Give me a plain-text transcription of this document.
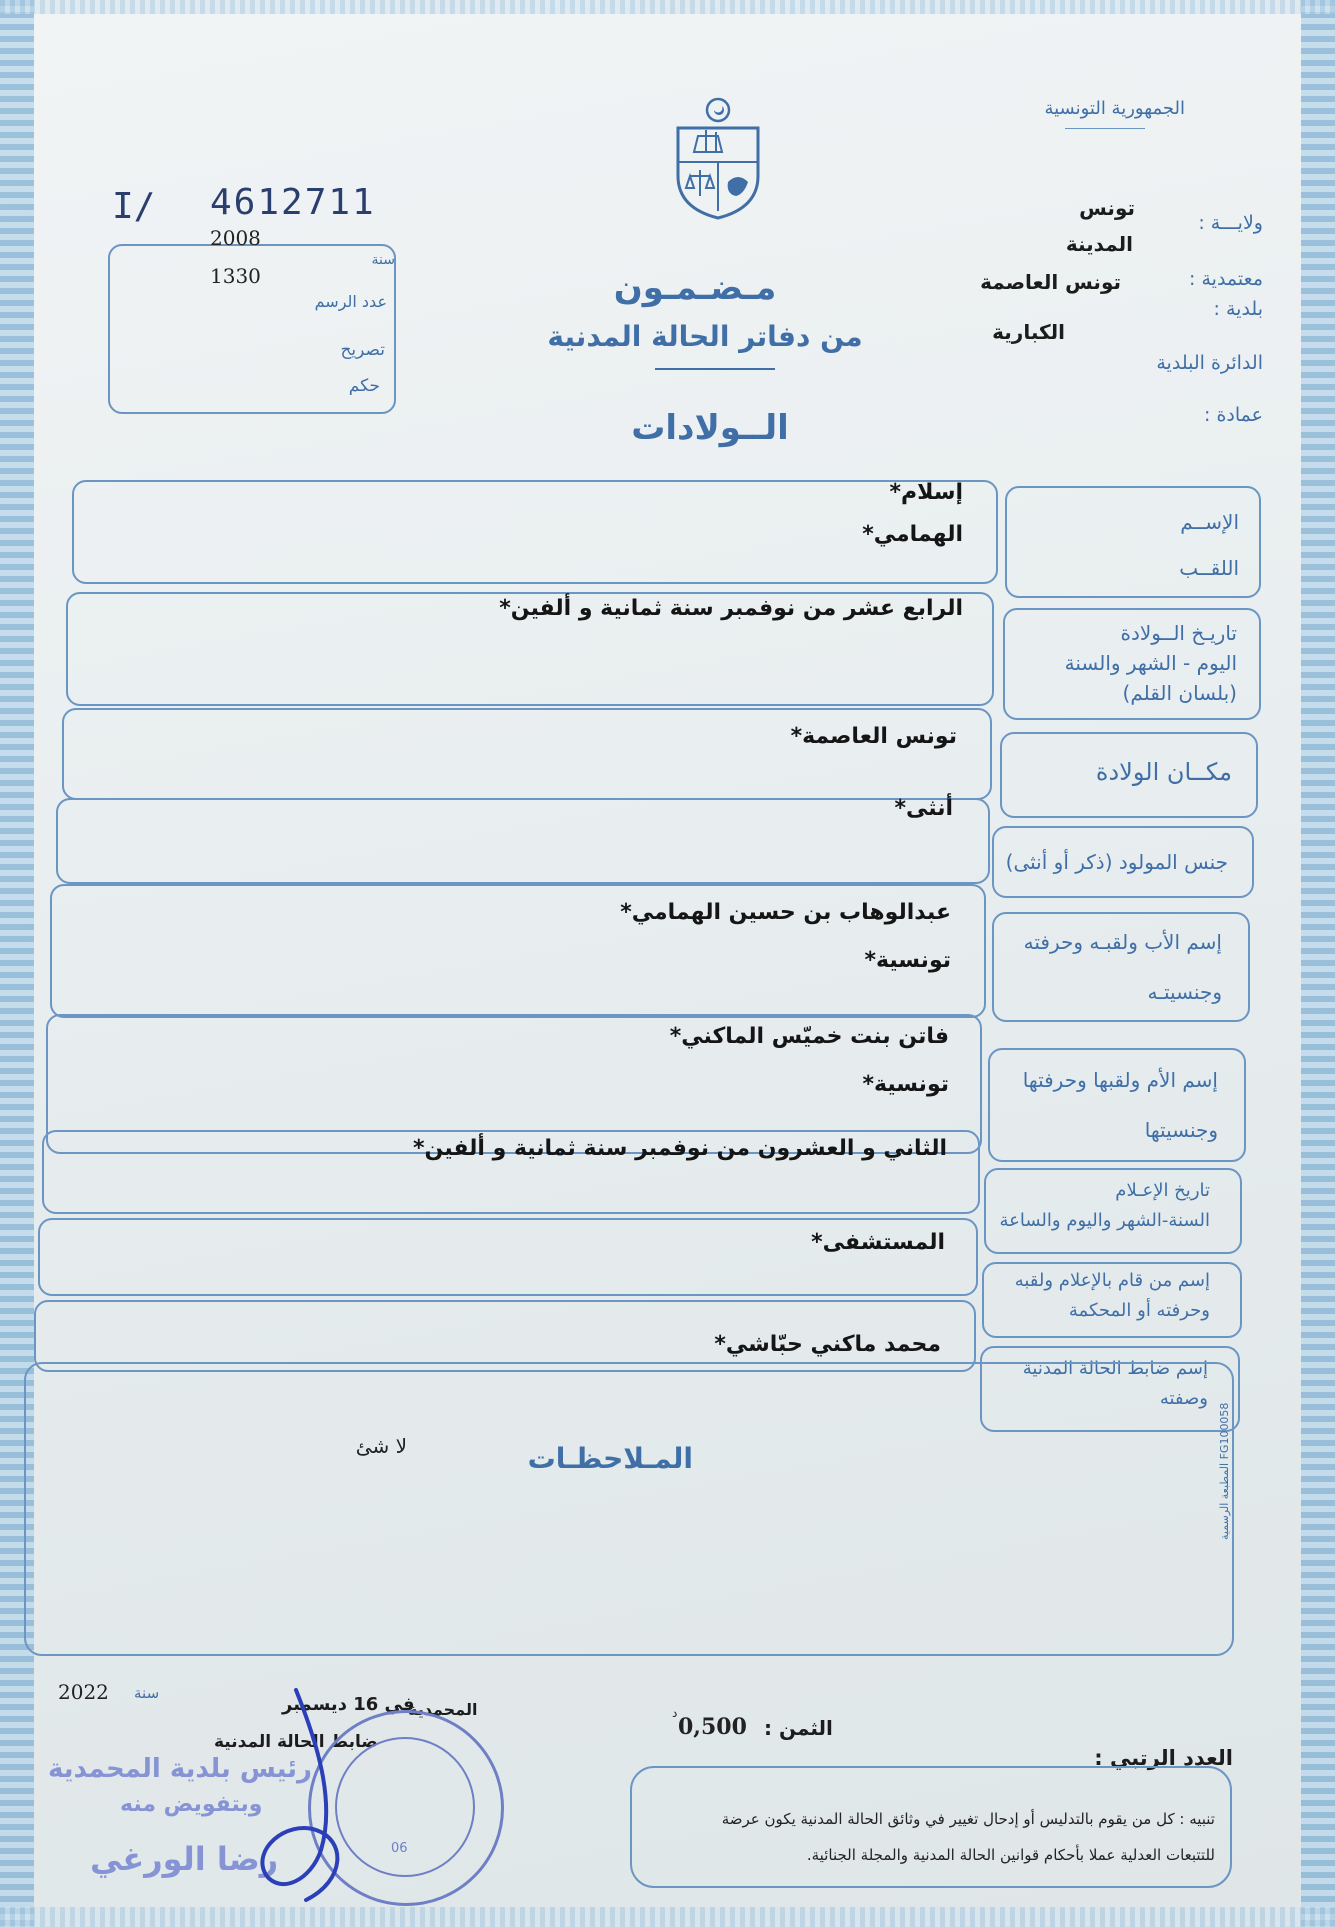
الجمهورية التونسية
I/ 4612711
2008
1330
سنة
عدد الرسم
تصريح
حكم
مـضـمـون
من دفاتر الحالة المدنية
الــولادات
ولايـــة :
تونس
معتمدية :
المدينة
بلدية :
تونس العاصمة
الدائرة البلدية
الكبارية
عمادة :
الإســم
اللقــب
إسلام*
الهمامي*
تاريـخ الــولادة
اليوم - الشهر والسنة
(بلسان القلم)
الرابع عشر من نوفمبر سنة ثمانية و ألفين*
مكــان الولادة
تونس العاصمة*
جنس المولود (ذكر أو أنثى)
أنثى*
إسم الأب ولقبـه وحرفته
وجنسيتـه
عبدالوهاب بن حسين الهمامي*
تونسية*
إسم الأم ولقبها وحرفتها
وجنسيتها
فاتن بنت خميّس الماكني*
تونسية*
تاريخ الإعـلام
السنة-الشهر واليوم والساعة
الثاني و العشرون من نوفمبر سنة ثمانية و ألفين*
إسم من قام بالإعلام ولقبه
وحرفته أو المحكمة
المستشفى*
إسم ضابط الحالة المدنية
وصفته
محمد ماكني حبّاشي*
المـلاحظـات
لا شئ
المطبعة الرسمية FG100058
2022 سنة
المحمدية
في 16 ديسمبر
ضابط الحالة المدنية
06
رئيس بلدية المحمدية
وبتفويض منه
رضا الورغي
الثمن :
0,500
د
العدد الرتبي :
تنبيه : كل من يقوم بالتدليس أو إدحال تغيير في وثائق الحالة المدنية يكون عرضة
للتتبعات العدلية عملا بأحكام قوانين الحالة المدنية والمجلة الجنائية.
